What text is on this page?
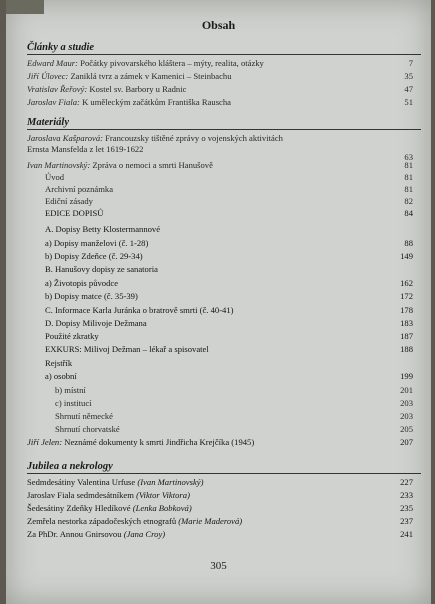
Obsah
Články a studie
Edward Maur: Počátky pivovarského kláštera – mýty, realita, otázky	7
Jiří Úlovec: Zaniklá tvrz a zámek v Kamenici – Steinbachu	35
Vratislav Řeřový: Kostel sv. Barbory u Radnic	47
Jaroslav Fiala: K uměleckým začátkům Františka Rauscha	51
Materiály
Jaroslava Kašparová: Francouzsky tištěné zprávy o vojenských aktivitách
Ernsta Mansfelda z let 1619-1622
63
Ivan Martinovský: Zpráva o nemoci a smrti Hanušově	81
Úvod	81
Archivní poznámka	81
Ediční zásady	82
EDICE DOPISŮ	84
A. Dopisy Betty Klostermannové
a) Dopisy manželovi (č. 1-28)	88
b) Dopisy Zdeňce (č. 29-34)	149
B. Hanušovy dopisy ze sanatoria
a) Životopis původce	162
b) Dopisy matce (č. 35-39)	172
C. Informace Karla Juránka o bratrově smrti (č. 40-41)	178
D. Dopisy Milivoje Dežmana	183
Použité zkratky	187
EXKURS: Milivoj Dežman – lékař a spisovatel	188
Rejstřík
a) osobní	199
b) místní	201
c) institucí	203
Shrnutí německé	203
Shrnutí chorvatské	205
Jiří Jelen: Neznámé dokumenty k smrti Jindřicha Krejčíka (1945)	207
Jubilea a nekrology
Sedmdesátiny Valentina Urfuse (Ivan Martinovský)	227
Jaroslav Fiala sedmdesátníkem (Viktor Viktora)	233
Šedesátiny Zdeňky Hledíkové (Lenka Bobková)	235
Zemřela nestorka západočeských etnografů (Marie Maderová)	237
Za PhDr. Annou Gnirsovou (Jana Croy)	241
305
